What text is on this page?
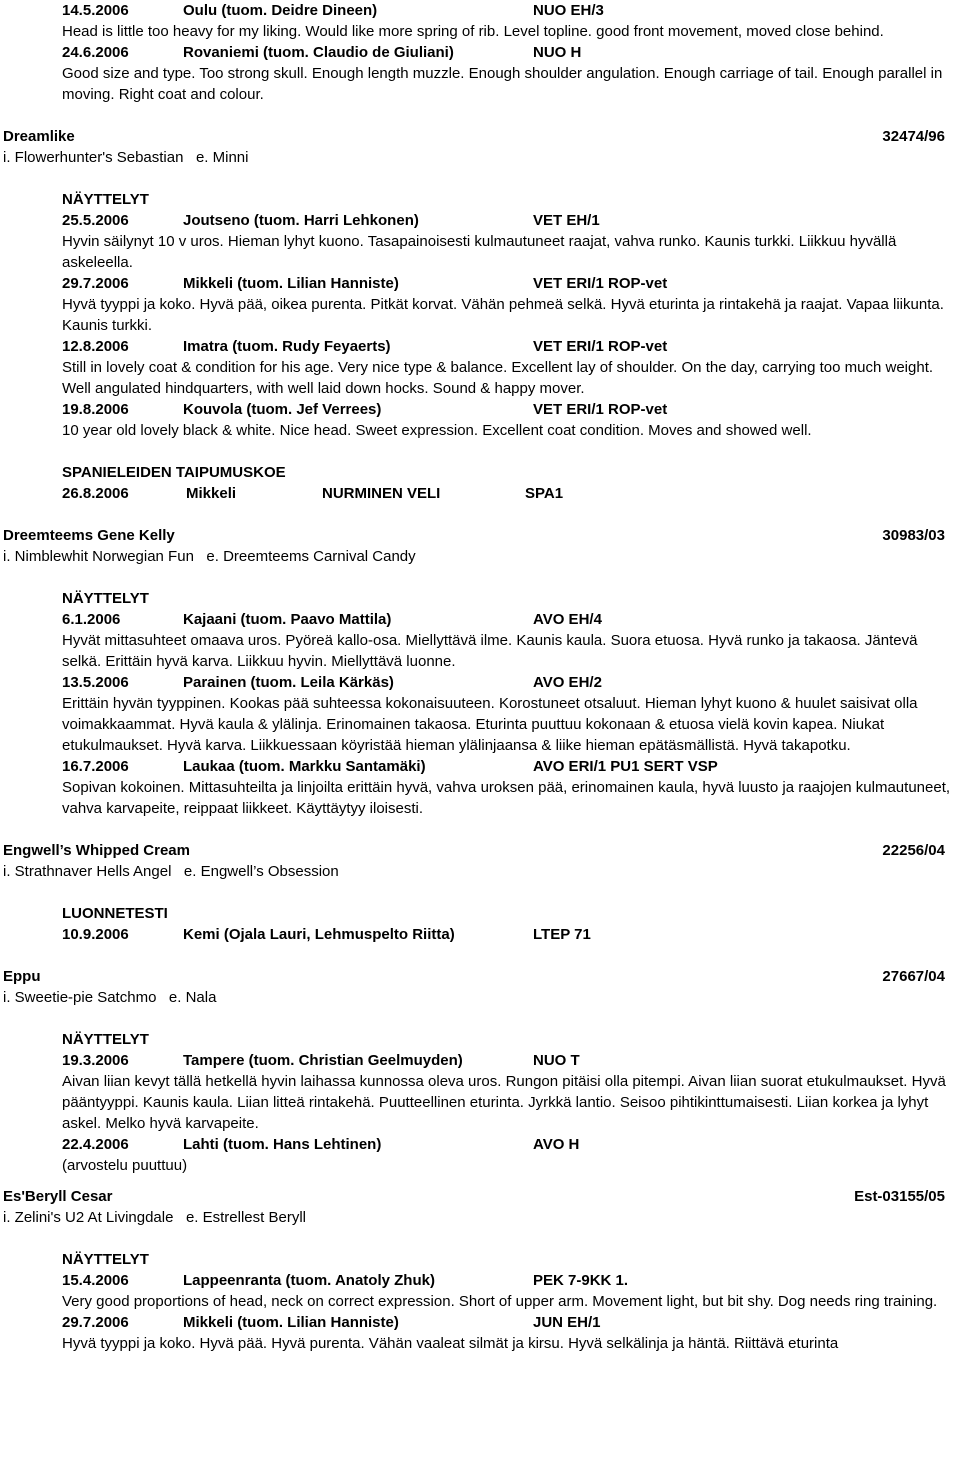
14.5.2006	Oulu (tuom. Deidre Dineen)	NUO EH/3
Head is little too heavy for my liking. Would like more spring of rib. Level topline. good front movement, moved close behind.
24.6.2006	Rovaniemi (tuom. Claudio de Giuliani)	NUO H
Good size and type. Too strong skull. Enough length muzzle. Enough shoulder angulation. Enough carriage of tail. Enough parallel in moving. Right coat and colour.
Dreamlike	32474/96
i. Flowerhunter's Sebastian   e. Minni
NÄYTTELYT
25.5.2006	Joutseno (tuom. Harri Lehkonen)	VET EH/1
Hyvin säilynyt 10 v uros. Hieman lyhyt kuono. Tasapainoisesti kulmautuneet raajat, vahva runko. Kaunis turkki. Liikkuu hyvällä askeleella.
29.7.2006	Mikkeli (tuom. Lilian Hanniste)	VET ERI/1 ROP-vet
Hyvä tyyppi ja koko. Hyvä pää, oikea purenta. Pitkät korvat. Vähän pehmeä selkä. Hyvä eturinta ja rintakehä ja raajat. Vapaa liikunta. Kaunis turkki.
12.8.2006	Imatra (tuom. Rudy Feyaerts)	VET ERI/1 ROP-vet
Still in lovely coat & condition for his age. Very nice type & balance. Excellent lay of shoulder. On the day, carrying too much weight. Well angulated hindquarters, with well laid down hocks. Sound & happy mover.
19.8.2006	Kouvola (tuom. Jef Verrees)	VET ERI/1 ROP-vet
10 year old lovely black & white. Nice head. Sweet expression. Excellent coat condition. Moves and showed well.
SPANIELEIDEN TAIPUMUSKOE
26.8.2006	Mikkeli	NURMINEN VELI	SPA1
Dreemteems Gene Kelly	30983/03
i. Nimblewhit Norwegian Fun   e. Dreemteems Carnival Candy
NÄYTTELYT
6.1.2006	Kajaani (tuom. Paavo Mattila)	AVO EH/4
Hyvät mittasuhteet omaava uros. Pyöreä kallo-osa. Miellyttävä ilme. Kaunis kaula. Suora etuosa. Hyvä runko ja takaosa. Jäntevä selkä. Erittäin hyvä karva. Liikkuu hyvin. Miellyttävä luonne.
13.5.2006	Parainen (tuom. Leila Kärkäs)	AVO EH/2
Erittäin hyvän tyyppinen. Kookas pää suhteessa kokonaisuuteen. Korostuneet otsaluut. Hieman lyhyt kuono & huulet saisivat olla voimakkaammat. Hyvä kaula & ylälinja. Erinomainen takaosa. Eturinta puuttuu kokonaan & etuosa vielä kovin kapea. Niukat etukulmaukset. Hyvä karva. Liikkuessaan köyristää hieman ylälinjaansa & liike hieman epätäsmällistä. Hyvä takapotku.
16.7.2006	Laukaa (tuom. Markku Santamäki)	AVO ERI/1 PU1 SERT VSP
Sopivan kokoinen. Mittasuhteilta ja linjoilta erittäin hyvä, vahva uroksen pää, erinomainen kaula, hyvä luusto ja raajojen kulmautuneet, vahva karvapeite, reippaat liikkeet. Käyttäytyy iloisesti.
Engwell’s Whipped Cream	22256/04
i. Strathnaver Hells Angel   e. Engwell’s Obsession
LUONNETESTI
10.9.2006	Kemi (Ojala Lauri, Lehmuspelto Riitta)	LTEP 71
Eppu	27667/04
i. Sweetie-pie Satchmo   e. Nala
NÄYTTELYT
19.3.2006	Tampere (tuom. Christian Geelmuyden)	NUO T
Aivan liian kevyt tällä hetkellä hyvin laihassa kunnossa oleva uros. Rungon pitäisi olla pitempi. Aivan liian suorat etukulmaukset. Hyvä pääntyyppi. Kaunis kaula. Liian litteä rintakehä. Puutteellinen eturinta. Jyrkkä lantio. Seisoo pihtikinttumaisesti. Liian korkea ja lyhyt askel. Melko hyvä karvapeite.
22.4.2006	Lahti (tuom. Hans Lehtinen)	AVO H
(arvostelu puuttuu)
Es'Beryll Cesar	Est-03155/05
i. Zelini's U2 At Livingdale   e. Estrellest Beryll
NÄYTTELYT
15.4.2006	Lappeenranta (tuom. Anatoly Zhuk)	PEK 7-9KK 1.
Very good proportions of head, neck on correct expression. Short of upper arm. Movement light, but bit shy. Dog needs ring training.
29.7.2006	Mikkeli (tuom. Lilian Hanniste)	JUN EH/1
Hyvä tyyppi ja koko. Hyvä pää. Hyvä purenta. Vähän vaaleat silmät ja kirsu. Hyvä selkälinja ja häntä. Riittävä eturinta
